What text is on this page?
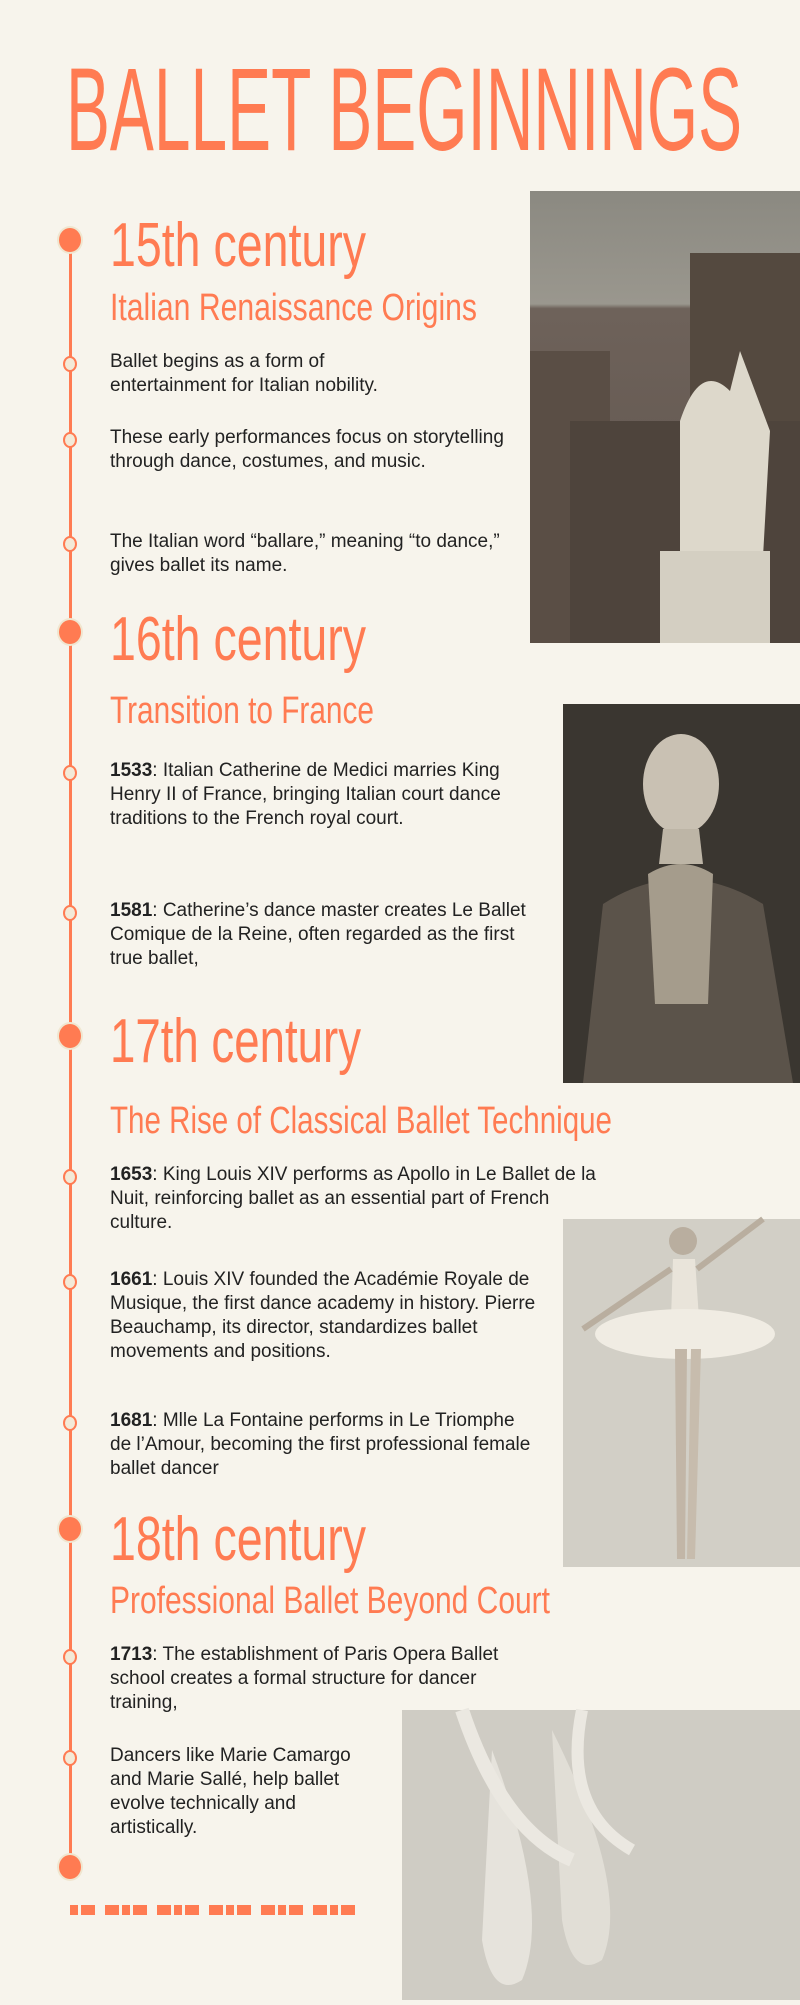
BALLET BEGINNINGS
15th century
Italian Renaissance Origins
Ballet begins as a form of entertainment for Italian nobility.
These early performances focus on storytelling through dance, costumes, and music.
The Italian word “ballare,” meaning “to dance,” gives ballet its name.
16th century
Transition to France
1533: Italian Catherine de Medici marries King Henry II of France, bringing Italian court dance traditions to the French royal court.
1581: Catherine’s dance master creates Le Ballet Comique de la Reine, often regarded as the first true ballet,
17th century
The Rise of Classical Ballet Technique
1653: King Louis XIV performs as Apollo in Le Ballet de la Nuit, reinforcing ballet as an essential part of French culture.
1661: Louis XIV founded the Académie Royale de Musique, the first dance academy in history. Pierre Beauchamp, its director, standardizes ballet movements and positions.
1681: Mlle La Fontaine performs in Le Triomphe de l’Amour, becoming the first professional female ballet dancer
18th century
Professional Ballet Beyond Court
1713: The establishment of Paris Opera Ballet school creates a formal structure for dancer training,
Dancers like Marie Camargo and Marie Sallé, help ballet evolve technically and artistically.
